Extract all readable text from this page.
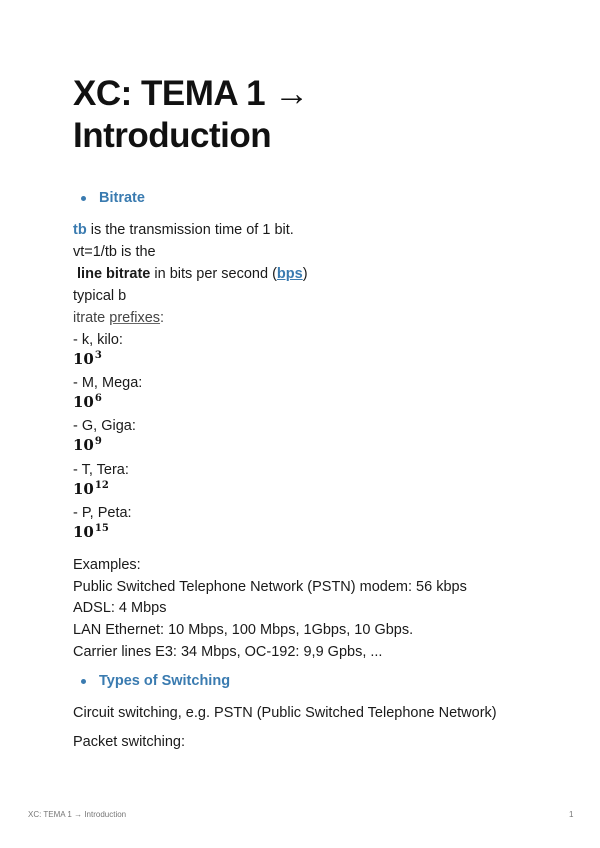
XC: TEMA 1 →
Introduction
Bitrate
tb is the transmission time of 1 bit.
vt=1/tb is the
line bitrate in bits per second (bps)
typical b
itrate prefixes:
- k, kilo:
$10^3$
- M, Mega:
$10^6$
- G, Giga:
$10^9$
- T, Tera:
$10^{12}$
- P, Peta:
$10^{15}$
Examples:
Public Switched Telephone Network (PSTN) modem: 56 kbps
ADSL: 4 Mbps
LAN Ethernet: 10 Mbps, 100 Mbps, 1Gbps, 10 Gbps.
Carrier lines E3: 34 Mbps, OC-192: 9,9 Gpbs, ...
Types of Switching
Circuit switching, e.g. PSTN (Public Switched Telephone Network)
Packet switching:
XC: TEMA 1 → Introduction	1
